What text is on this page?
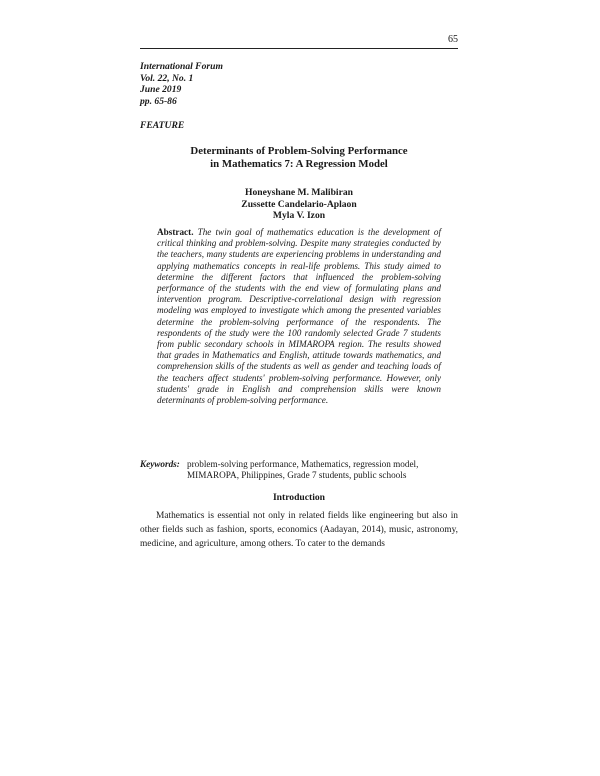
65
International Forum
Vol. 22, No. 1
June 2019
pp. 65-86
FEATURE
Determinants of Problem-Solving Performance
in Mathematics 7: A Regression Model
Honeyshane M. Malibiran
Zussette Candelario-Aplaon
Myla V. Izon
Abstract. The twin goal of mathematics education is the development of critical thinking and problem-solving. Despite many strategies conducted by the teachers, many students are experiencing problems in understanding and applying mathematics concepts in real-life problems. This study aimed to determine the different factors that influenced the problem-solving performance of the students with the end view of formulating plans and intervention program. Descriptive-correlational design with regression modeling was employed to investigate which among the presented variables determine the problem-solving performance of the respondents. The respondents of the study were the 100 randomly selected Grade 7 students from public secondary schools in MIMAROPA region. The results showed that grades in Mathematics and English, attitude towards mathematics, and comprehension skills of the students as well as gender and teaching loads of the teachers affect students' problem-solving performance. However, only students' grade in English and comprehension skills were known determinants of problem-solving performance.
Keywords: problem-solving performance, Mathematics, regression model, MIMAROPA, Philippines, Grade 7 students, public schools
Introduction
Mathematics is essential not only in related fields like engineering but also in other fields such as fashion, sports, economics (Aadayan, 2014), music, astronomy, medicine, and agriculture, among others. To cater to the demands
